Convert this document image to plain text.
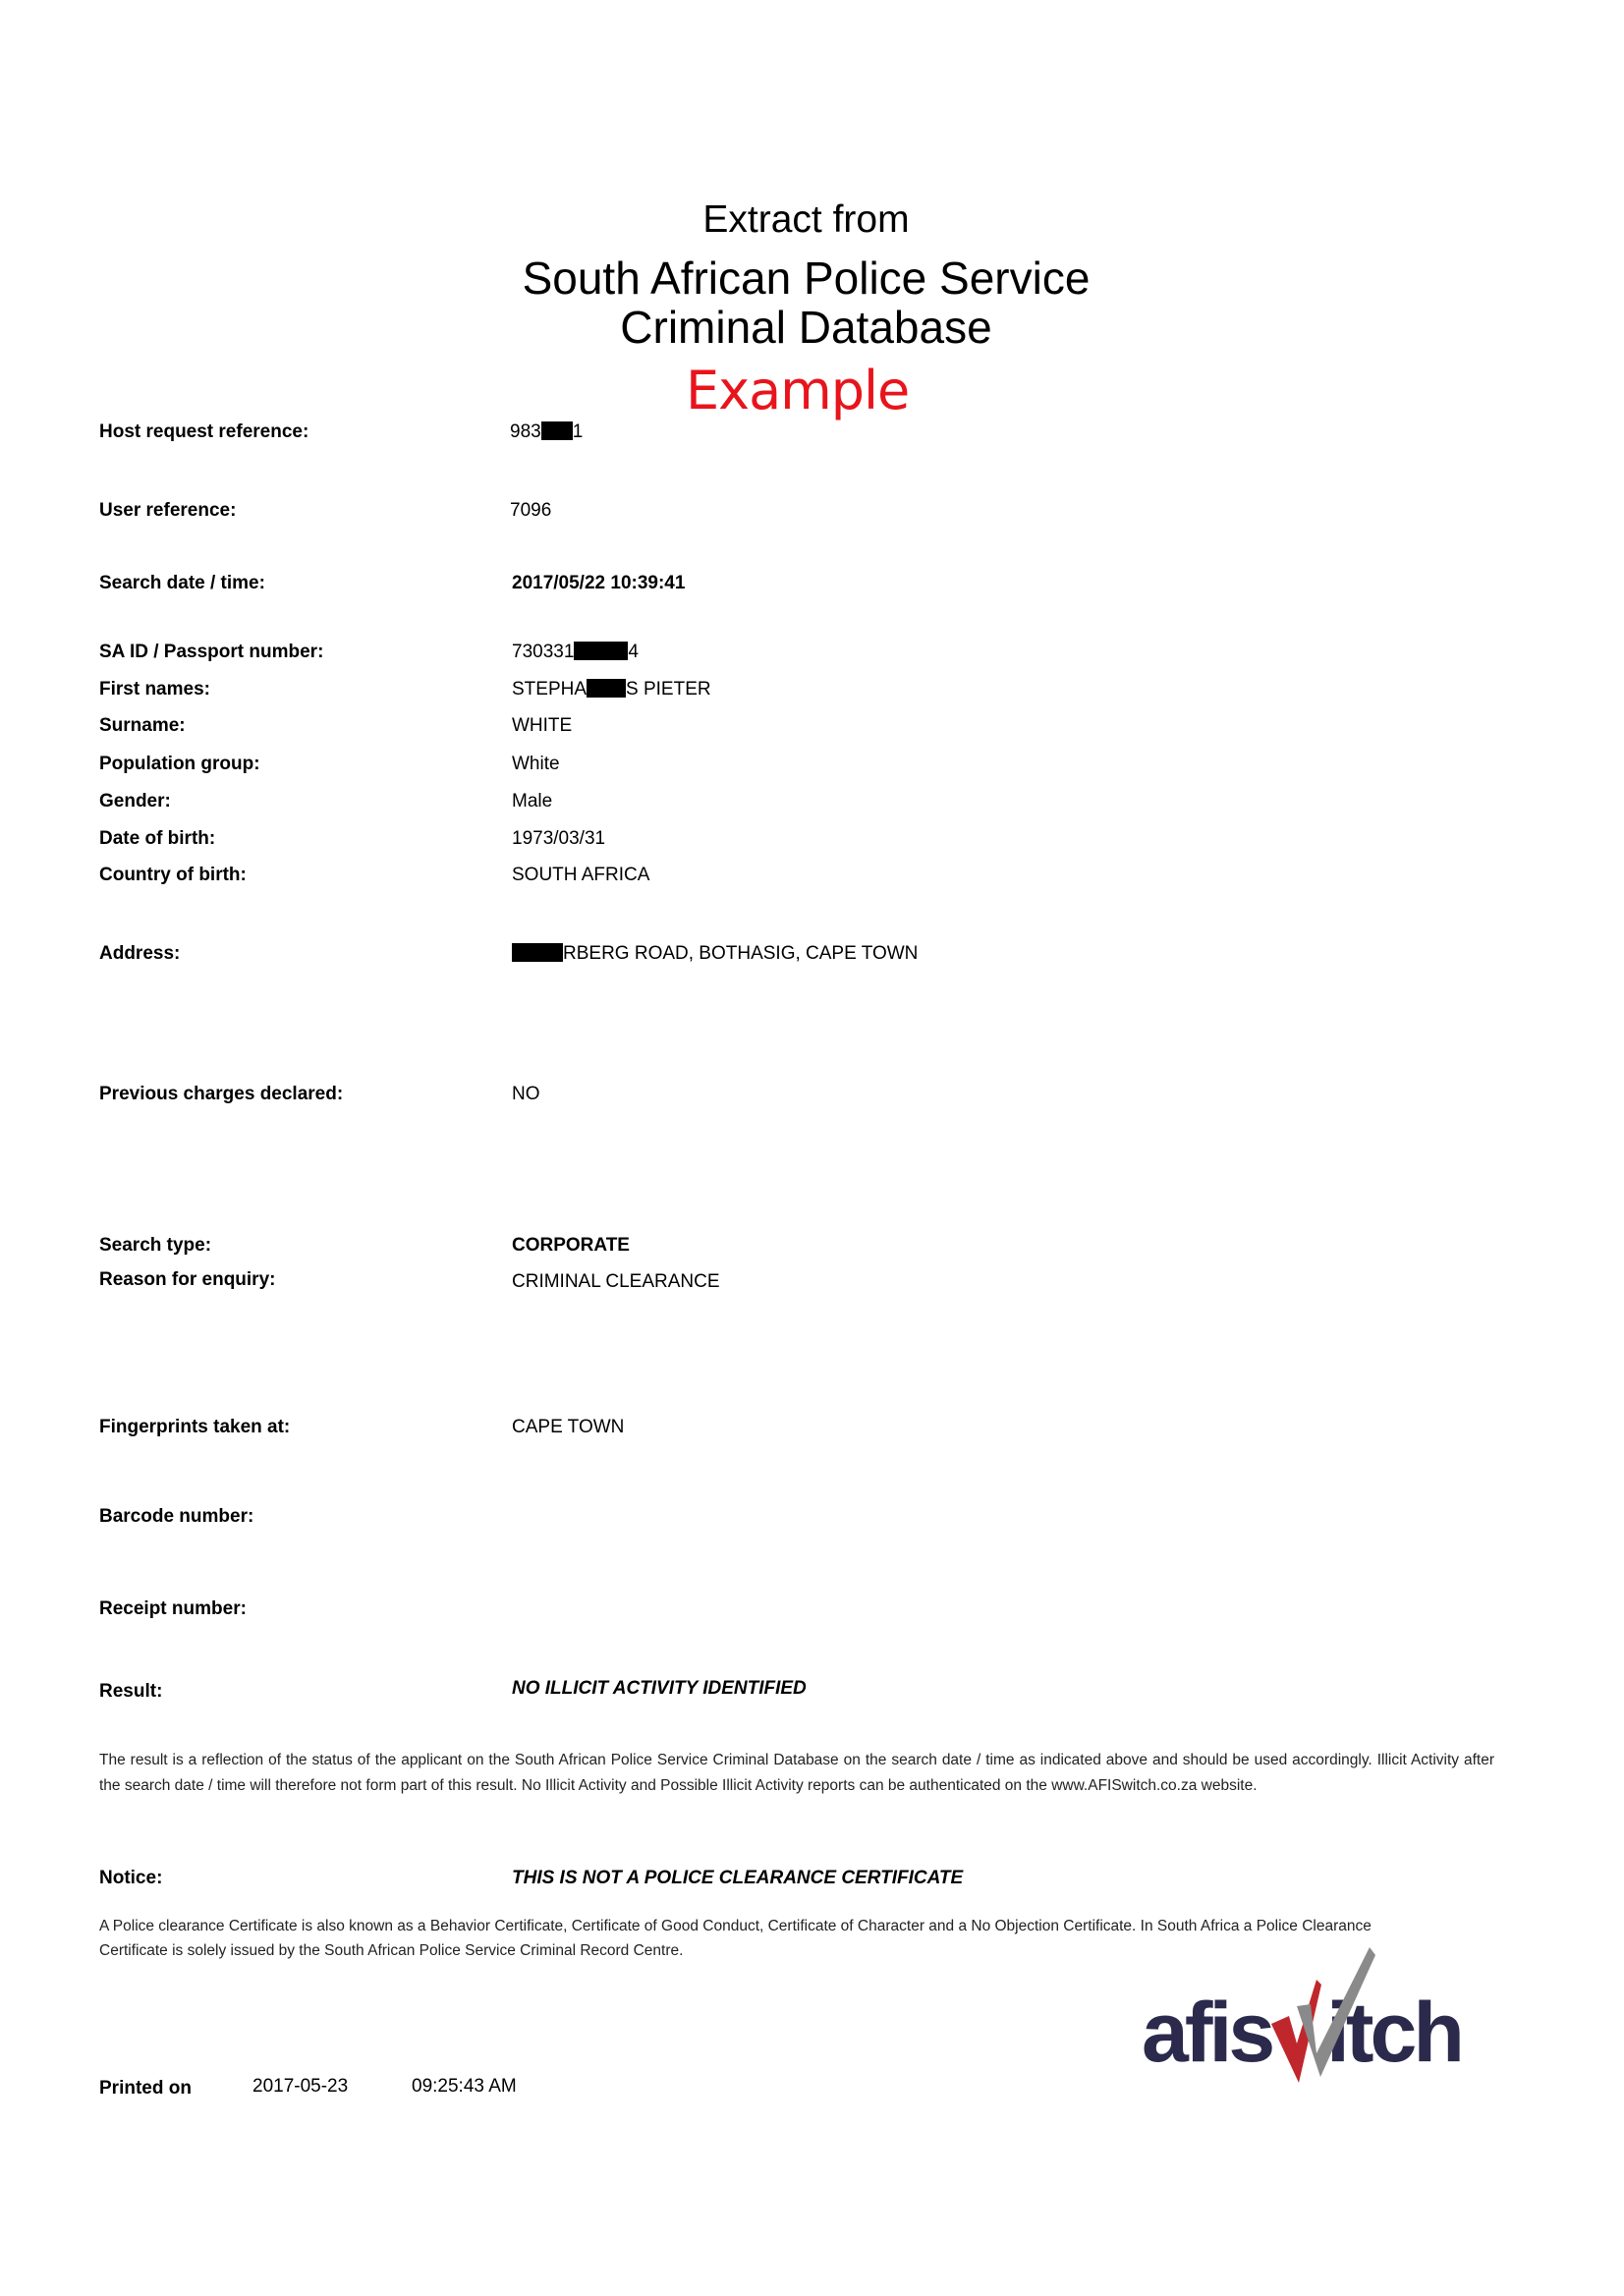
Extract from
South African Police Service
Criminal Database
Example
Host request reference:	983 1
User reference:	7096
Search date / time:	2017/05/22 10:39:41
SA ID / Passport number:	730331	4
First names:	STEPHA S PIETER
Surname:	WHITE
Population group:	White
Gender:	Male
Date of birth:	1973/03/31
Country of birth:	SOUTH AFRICA
Address:	RBERG ROAD, BOTHASIG, CAPE TOWN
Previous charges declared:	NO
Search type:	CORPORATE
Reason for enquiry:	CRIMINAL CLEARANCE
Fingerprints taken at:	CAPE TOWN
Barcode number:
Receipt number:
Result:	NO ILLICIT ACTIVITY IDENTIFIED
The result is a reflection of the status of the applicant on the South African Police Service Criminal Database on the search date / time as indicated above and should be used accordingly. Illicit Activity after the search date / time will therefore not form part of this result. No Illicit Activity and Possible Illicit Activity reports can be authenticated on the www.AFISwitch.co.za website.
Notice:	THIS IS NOT A POLICE CLEARANCE CERTIFICATE
A Police clearance Certificate is also known as a Behavior Certificate, Certificate of Good Conduct, Certificate of Character and a No Objection Certificate. In South Africa a Police Clearance Certificate is solely issued by the South African Police Service Criminal Record Centre.
Printed on	2017-05-23	09:25:43 AM
afis itch
